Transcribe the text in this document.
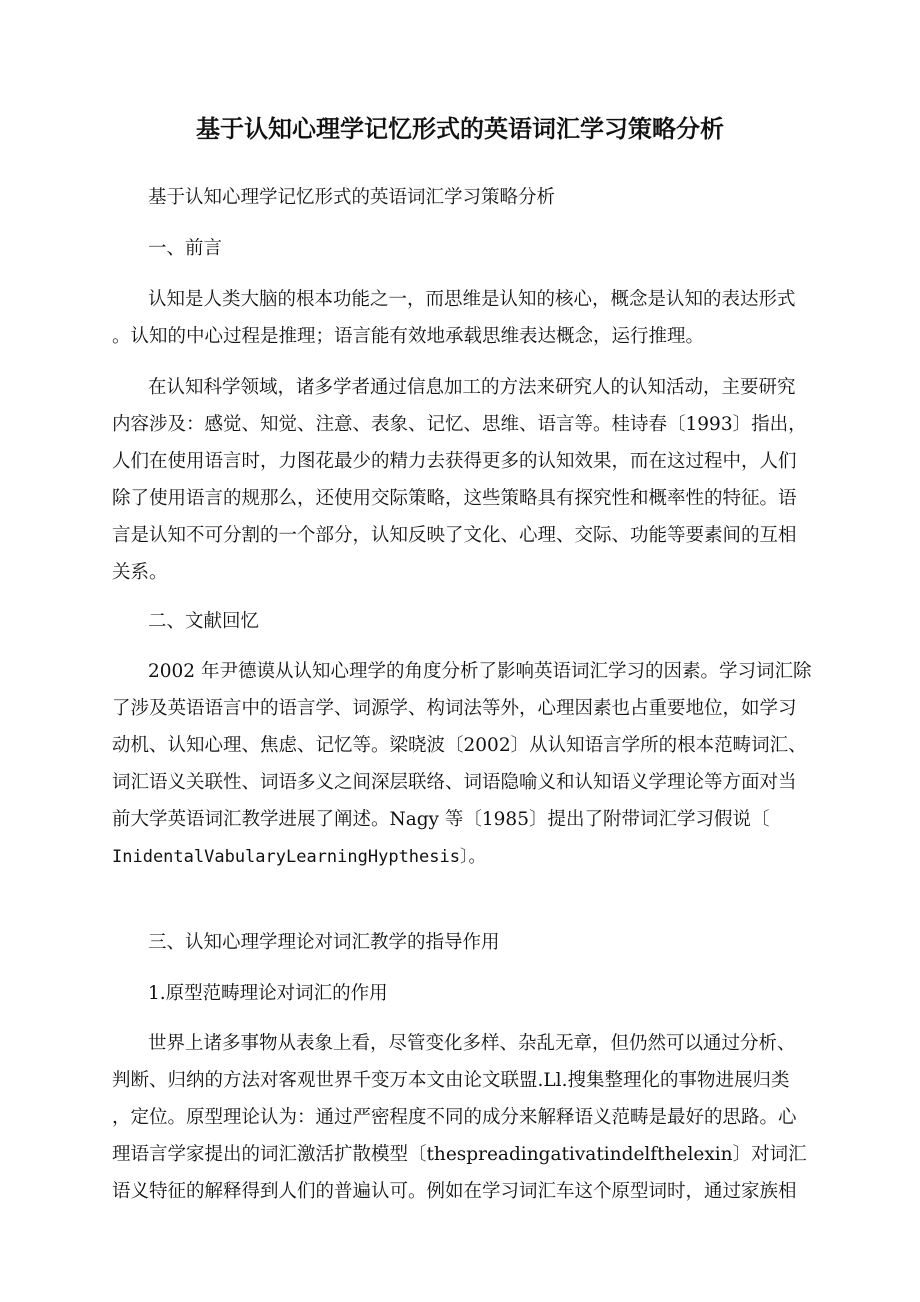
基于认知心理学记忆形式的英语词汇学习策略分析
基于认知心理学记忆形式的英语词汇学习策略分析
一、前言
认知是人类大脑的根本功能之一，而思维是认知的核心，概念是认知的表达形式
。认知的中心过程是推理；语言能有效地承载思维表达概念，运行推理。
在认知科学领域，诸多学者通过信息加工的方法来研究人的认知活动，主要研究
内容涉及：感觉、知觉、注意、表象、记忆、思维、语言等。桂诗春〔1993〕指出，
人们在使用语言时，力图花最少的精力去获得更多的认知效果，而在这过程中，人们
除了使用语言的规那么，还使用交际策略，这些策略具有探究性和概率性的特征。语
言是认知不可分割的一个部分，认知反映了文化、心理、交际、功能等要素间的互相
关系。
二、文献回忆
2002 年尹德谟从认知心理学的角度分析了影响英语词汇学习的因素。学习词汇除
了涉及英语语言中的语言学、词源学、构词法等外，心理因素也占重要地位，如学习
动机、认知心理、焦虑、记忆等。梁晓波〔2002〕从认知语言学所的根本范畴词汇、
词汇语义关联性、词语多义之间深层联络、词语隐喻义和认知语义学理论等方面对当
前大学英语词汇教学进展了阐述。Nagy 等〔1985〕提出了附带词汇学习假说〔
InidentalVabularyLearningHypthesis〕。
三、认知心理学理论对词汇教学的指导作用
1.原型范畴理论对词汇的作用
世界上诸多事物从表象上看，尽管变化多样、杂乱无章，但仍然可以通过分析、
判断、归纳的方法对客观世界千变万本文由论文联盟.Ll.搜集整理化的事物进展归类
，定位。原型理论认为：通过严密程度不同的成分来解释语义范畴是最好的思路。心
理语言学家提出的词汇激活扩散模型〔thespreadingativatindelfthelexin〕对词汇
语义特征的解释得到人们的普遍认可。例如在学习词汇车这个原型词时，通过家族相
